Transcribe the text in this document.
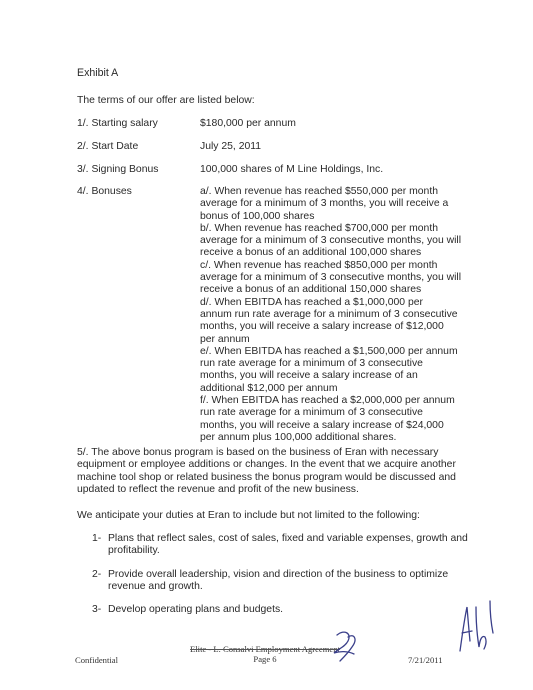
Exhibit A
The terms of our offer are listed below:
1/. Starting salary	$180,000 per annum
2/. Start Date	July 25, 2011
3/. Signing Bonus	100,000 shares of M Line Holdings, Inc.
4/. Bonuses	a/. When revenue has reached $550,000 per month
average for a minimum of 3 months, you will receive a
bonus of 100,000 shares
b/. When revenue has reached $700,000 per month
average for a minimum of 3 consecutive months, you will
receive a bonus of an additional 100,000 shares
c/. When revenue has reached $850,000 per month
average for a minimum of 3 consecutive months, you will
receive a bonus of an additional 150,000 shares
d/. When EBITDA has reached a $1,000,000 per
annum run rate average for a minimum of 3 consecutive
months, you will receive a salary increase of $12,000
per annum
e/. When EBITDA has reached a $1,500,000 per annum
run rate average for a minimum of 3 consecutive
months, you will receive a salary increase of an
additional $12,000 per annum
f/. When EBITDA has reached a $2,000,000 per annum
run rate average for a minimum of 3 consecutive
months, you will receive a salary increase of $24,000
per annum plus 100,000 additional shares.
5/. The above bonus program is based on the business of Eran with necessary
equipment or employee additions or changes. In the event that we acquire another
machine tool shop or related business the bonus program would be discussed and
updated to reflect the revenue and profit of the new business.
We anticipate your duties at Eran to include but not limited to the following:
1- Plans that reflect sales, cost of sales, fixed and variable expenses, growth and
profitability.
2- Provide overall leadership, vision and direction of the business to optimize
revenue and growth.
3- Develop operating plans and budgets.
Confidential
Elite - L. Consalvi Employment Agreement
Page 6	7/21/2011
